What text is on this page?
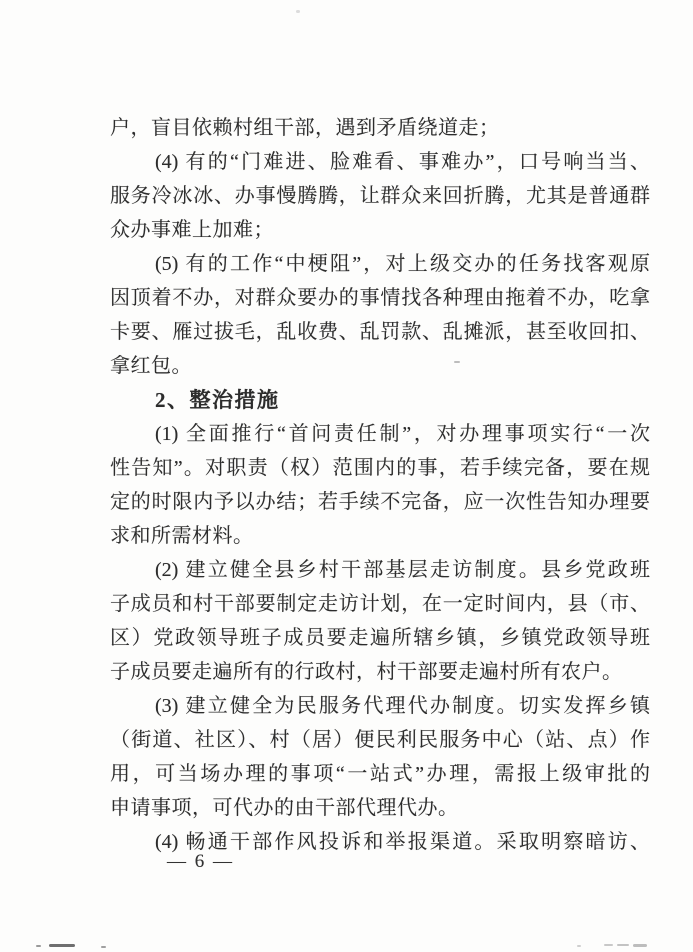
户，盲目依赖村组干部，遇到矛盾绕道走；
(4) 有的“门难进、脸难看、事难办”，口号响当当、
服务冷冰冰、办事慢腾腾，让群众来回折腾，尤其是普通群
众办事难上加难；
(5) 有的工作“中梗阻”，对上级交办的任务找客观原
因顶着不办，对群众要办的事情找各种理由拖着不办，吃拿
卡要、雁过拔毛，乱收费、乱罚款、乱摊派，甚至收回扣、
拿红包。
2、整治措施
(1) 全面推行“首问责任制”，对办理事项实行“一次
性告知”。对职责（权）范围内的事，若手续完备，要在规
定的时限内予以办结；若手续不完备，应一次性告知办理要
求和所需材料。
(2) 建立健全县乡村干部基层走访制度。县乡党政班
子成员和村干部要制定走访计划，在一定时间内，县（市、
区）党政领导班子成员要走遍所辖乡镇，乡镇党政领导班
子成员要走遍所有的行政村，村干部要走遍村所有农户。
(3) 建立健全为民服务代理代办制度。切实发挥乡镇
（街道、社区）、村（居）便民利民服务中心（站、点）作
用，可当场办理的事项“一站式”办理，需报上级审批的
申请事项，可代办的由干部代理代办。
(4) 畅通干部作风投诉和举报渠道。采取明察暗访、
— 6 —
